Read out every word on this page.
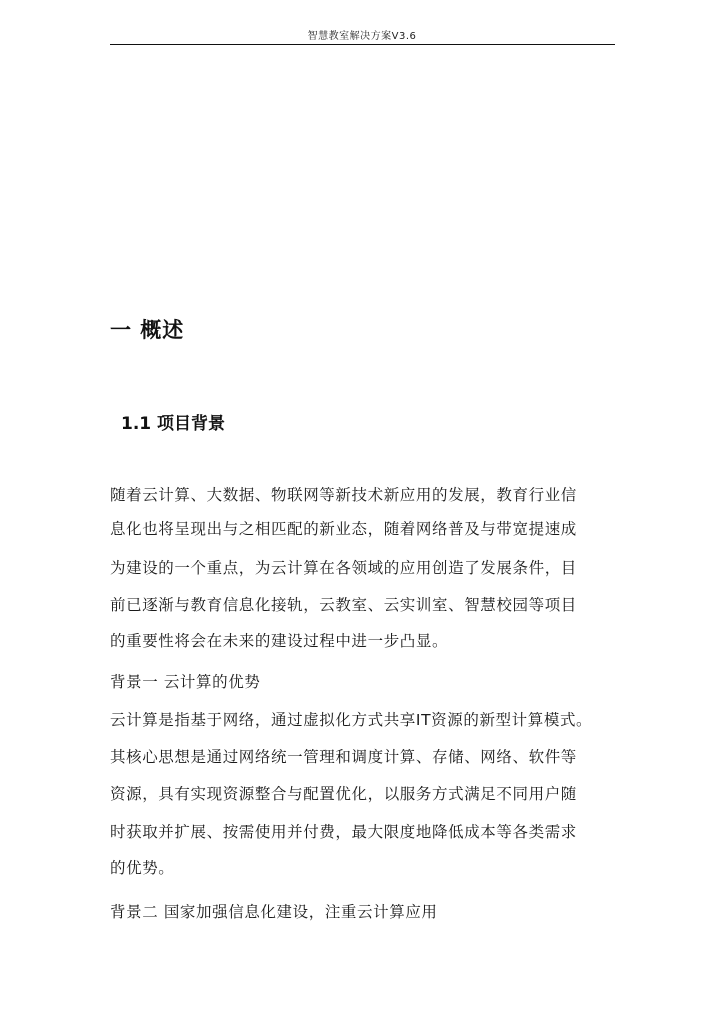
智慧教室解决方案V3.6
一 概述
1.1 项目背景
随着云计算、大数据、物联网等新技术新应用的发展，教育行业信
息化也将呈现出与之相匹配的新业态，随着网络普及与带宽提速成
为建设的一个重点，为云计算在各领域的应用创造了发展条件，目
前已逐渐与教育信息化接轨，云教室、云实训室、智慧校园等项目
的重要性将会在未来的建设过程中进一步凸显。
背景一 云计算的优势
云计算是指基于网络，通过虚拟化方式共享IT资源的新型计算模式。
其核心思想是通过网络统一管理和调度计算、存储、网络、软件等
资源，具有实现资源整合与配置优化，以服务方式满足不同用户随
时获取并扩展、按需使用并付费，最大限度地降低成本等各类需求
的优势。
背景二 国家加强信息化建设，注重云计算应用
